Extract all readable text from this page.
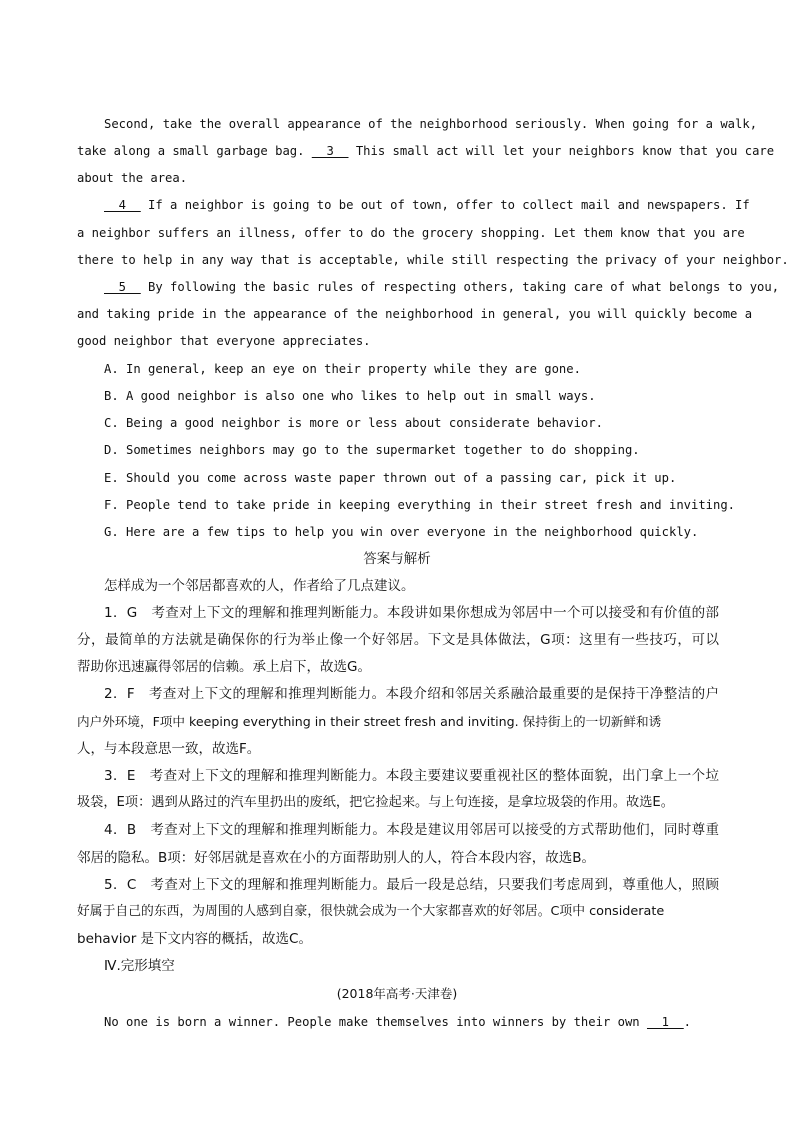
Second, take the overall appearance of the neighborhood seriously. When going for a walk,
take along a small garbage bag. __3__ This small act will let your neighbors know that you care
about the area.
__4__ If a neighbor is going to be out of town, offer to collect mail and newspapers. If
a neighbor suffers an illness, offer to do the grocery shopping. Let them know that you are
there to help in any way that is acceptable, while still respecting the privacy of your neighbor.
__5__ By following the basic rules of respecting others, taking care of what belongs to you,
and taking pride in the appearance of the neighborhood in general, you will quickly become a
good neighbor that everyone appreciates.
A. In general, keep an eye on their property while they are gone.
B. A good neighbor is also one who likes to help out in small ways.
C. Being a good neighbor is more or less about considerate behavior.
D. Sometimes neighbors may go to the supermarket together to do shopping.
E. Should you come across waste paper thrown out of a passing car, pick it up.
F. People tend to take pride in keeping everything in their street fresh and inviting.
G. Here are a few tips to help you win over everyone in the neighborhood quickly.
答案与解析
怎样成为一个邻居都喜欢的人，作者给了几点建议。
1．G　考查对上下文的理解和推理判断能力。本段讲如果你想成为邻居中一个可以接受和有价值的部
分，最简单的方法就是确保你的行为举止像一个好邻居。下文是具体做法，G项：这里有一些技巧，可以
帮助你迅速赢得邻居的信赖。承上启下，故选G。
2．F　考查对上下文的理解和推理判断能力。本段介绍和邻居关系融洽最重要的是保持干净整洁的户
内户外环境，F项中 keeping everything in their street fresh and inviting. 保持街上的一切新鲜和诱
人，与本段意思一致，故选F。
3．E　考查对上下文的理解和推理判断能力。本段主要建议要重视社区的整体面貌，出门拿上一个垃
圾袋，E项：遇到从路过的汽车里扔出的废纸，把它捡起来。与上句连接，是拿垃圾袋的作用。故选E。
4．B　考查对上下文的理解和推理判断能力。本段是建议用邻居可以接受的方式帮助他们，同时尊重
邻居的隐私。B项：好邻居就是喜欢在小的方面帮助别人的人，符合本段内容，故选B。
5．C　考查对上下文的理解和推理判断能力。最后一段是总结，只要我们考虑周到，尊重他人，照顾
好属于自己的东西，为周围的人感到自豪，很快就会成为一个大家都喜欢的好邻居。C项中 considerate
behavior 是下文内容的概括，故选C。
Ⅳ.完形填空
(2018年高考·天津卷)
No one is born a winner. People make themselves into winners by their own __1__.
